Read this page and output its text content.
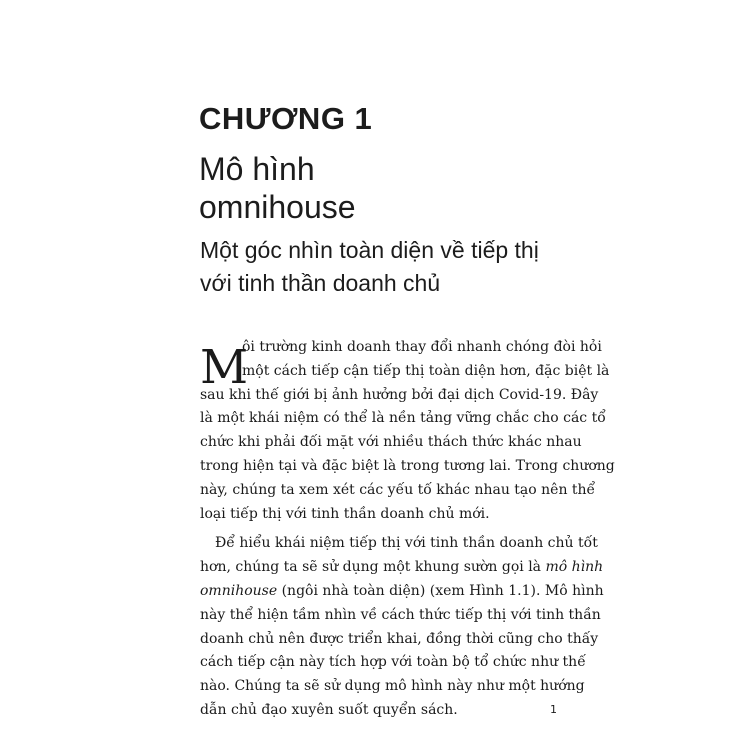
CHƯƠNG 1
Mô hình
omnihouse
Một góc nhìn toàn diện về tiếp thị
với tinh thần doanh chủ
M
ôi trường kinh doanh thay đổi nhanh chóng đòi hỏi
một cách tiếp cận tiếp thị toàn diện hơn, đặc biệt là
sau khi thế giới bị ảnh hưởng bởi đại dịch Covid-19. Đây
là một khái niệm có thể là nền tảng vững chắc cho các tổ
chức khi phải đối mặt với nhiều thách thức khác nhau
trong hiện tại và đặc biệt là trong tương lai. Trong chương
này, chúng ta xem xét các yếu tố khác nhau tạo nên thể
loại tiếp thị với tinh thần doanh chủ mới.
Để hiểu khái niệm tiếp thị với tinh thần doanh chủ tốt
hơn, chúng ta sẽ sử dụng một khung sườn gọi là mô hình
omnihouse (ngôi nhà toàn diện) (xem Hình 1.1). Mô hình
này thể hiện tầm nhìn về cách thức tiếp thị với tinh thần
doanh chủ nên được triển khai, đồng thời cũng cho thấy
cách tiếp cận này tích hợp với toàn bộ tổ chức như thế
nào. Chúng ta sẽ sử dụng mô hình này như một hướng
dẫn chủ đạo xuyên suốt quyển sách.	1
